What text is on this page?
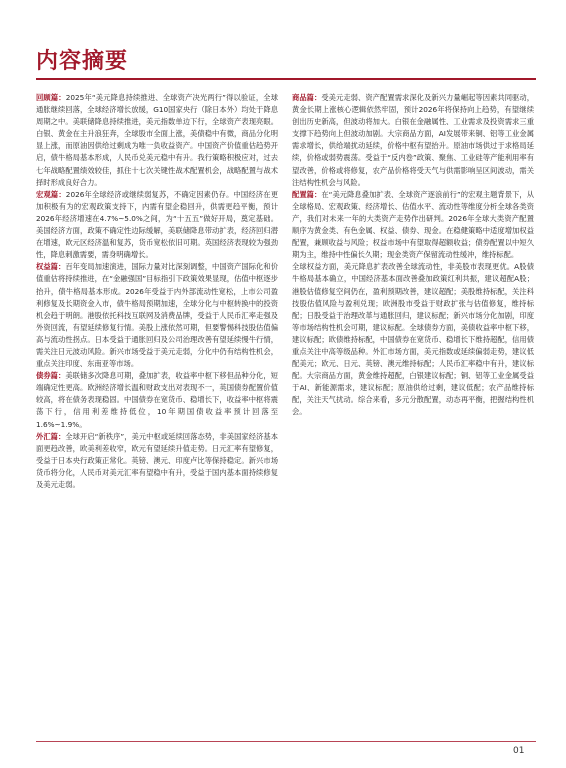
内容摘要

回顾篇：2025年“美元降息持续推进、全球资产决光两行”得以验证，全球通胀继续回落，全球经济增长放缓，G10国家央行（除日本外）均处于降息周期之中。美联储降息持续推进，美元指数单边下行，全球资产表现亮眼。白银、黄金在主升浪狂奔，全球股市全面上涨，美债稳中有微，商品分化明显上涨，而原油因供给过剩成为唯一负收益资产。中国资产价值重估趋势开启，债牛格局基本形成，人民币兑美元稳中有升。我行策略积极应对，过去七年战略配置绩效较佳，抓住十七次关键性战术配置机会，战略配置与战术择时形成良好合力。

宏观篇：2026年全球经济或继续弱复苏，不确定因素仍存。中国经济在更加积极有为的宏观政策支持下，内需有望企稳回升，供需更趋平衡，预计2026年经济增速在4.7%~5.0%之间，为“十五五”做好开局，奠定基础。美国经济方面，政策不确定性边际缓解，美联储降息带动扩表，经济回归潜在增速，欧元区经济温和复苏，货币宽松依旧可期。英国经济表现较为强劲性，降息刺激需要，需身明确增长。

权益篇：百年变局加速演进，国际力量对比深刻调整，中国资产国际化和价值重估将持续推进，在“金融强国”目标指引下政策效果显现，估值中枢逐步抬升，债牛格局基本形成。2026年受益于内外部流动性宽松，上市公司盈利修复及长期资金入市，债牛格局预期加速，全球分化与中枢转换中的投资机会趋于明朗。港股依托科技互联网及消费品牌，受益于人民币汇率走强及外资回流，有望延续修复行情。美股上涨依然可期，但要警惕科技股估值偏高与流动性拐点。日本受益于通胀回归及公司治理改善有望延续慢牛行情，需关注日元波动风险。新兴市场受益于美元走弱，分化中仍有结构性机会，重点关注印度、东南亚等市场。

债券篇：美联储多次降息可期，叠加扩表，收益率中枢下移但品种分化，短端确定性更高。欧洲经济增长温和财政支出对表现不一，英国债券配置价值较高，将在债务表现稳固。中国债券在宽货币、稳增长下，收益率中枢将震荡下行，信用利差维持低位，10年期国债收益率预计回落至1.6%~1.9%。

外汇篇：全球开启“新秩序”，美元中枢或延续回落态势，非美国家经济基本面更趋改善，欧美利差收窄，欧元有望延续升值走势。日元汇率有望修复，受益于日本央行政策正常化。英镑、澳元、印度卢比等保持稳定。新兴市场货币将分化，人民币对美元汇率有望稳中有升，受益于国内基本面持续修复及美元走弱。

商品篇：受美元走弱、资产配置需求深化及新兴力量崛起等因素共同驱动，黄金长期上涨核心逻辑依然牢固，预计2026年将保持向上趋势，有望继续创出历史新高，但波动将加大。白银在金融属性、工业需求及投资需求三重支撑下趋势向上但波动加剧。大宗商品方面，AI发展带来铜、铝等工业金属需求增长，供给端扰动延续，价格中枢有望抬升。原油市场供过于求格局延续，价格或弱势震荡。受益于“反内卷”政策、聚焦、工业硅等产能利用率有望改善，价格或将修复，农产品价格将受天气与供需影响呈区间波动，需关注结构性机会与风险。

配置篇：在“美元降息叠加扩表、全球资产逐浪前行”的宏观主题背景下，从全球格局、宏观政策、经济增长、估值水平、流动性等维度分析全球各类资产，我们对未来一年的大类资产走势作出研判。2026年全球大类资产配置顺序为黄金类、有色金属、权益、债券、现金。在稳健策略中适度增加权益配置，兼顾收益与风险；权益市场中有望取得超额收益；债券配置以中短久期为主，维持中性偏长久期；现金类资产保留流动性缓冲，维持标配。

全球权益方面，美元降息扩表改善全球流动性，非美股市表现更优。A股债牛格局基本确立，中国经济基本面改善叠加政策红利共振，建议超配A股；港股估值修复空间仍在，盈利预期改善，建议超配；美股维持标配，关注科技股估值风险与盈利兑现；欧洲股市受益于财政扩张与估值修复，维持标配；日股受益于治理改革与通胀回归，建议标配；新兴市场分化加剧，印度等市场结构性机会可期，建议标配。全球债券方面，美债收益率中枢下移，建议标配；欧债维持标配，中国债券在宽货币、稳增长下维持超配，信用债重点关注中高等级品种。外汇市场方面，美元指数或延续偏弱走势，建议低配美元；欧元、日元、英镑、澳元维持标配；人民币汇率稳中有升，建议标配。大宗商品方面，黄金维持超配，白银建议标配；铜、铝等工业金属受益于AI、新能源需求，建议标配；原油供给过剩，建议低配；农产品维持标配，关注天气扰动。综合来看，多元分散配置，动态再平衡，把握结构性机会。

01
